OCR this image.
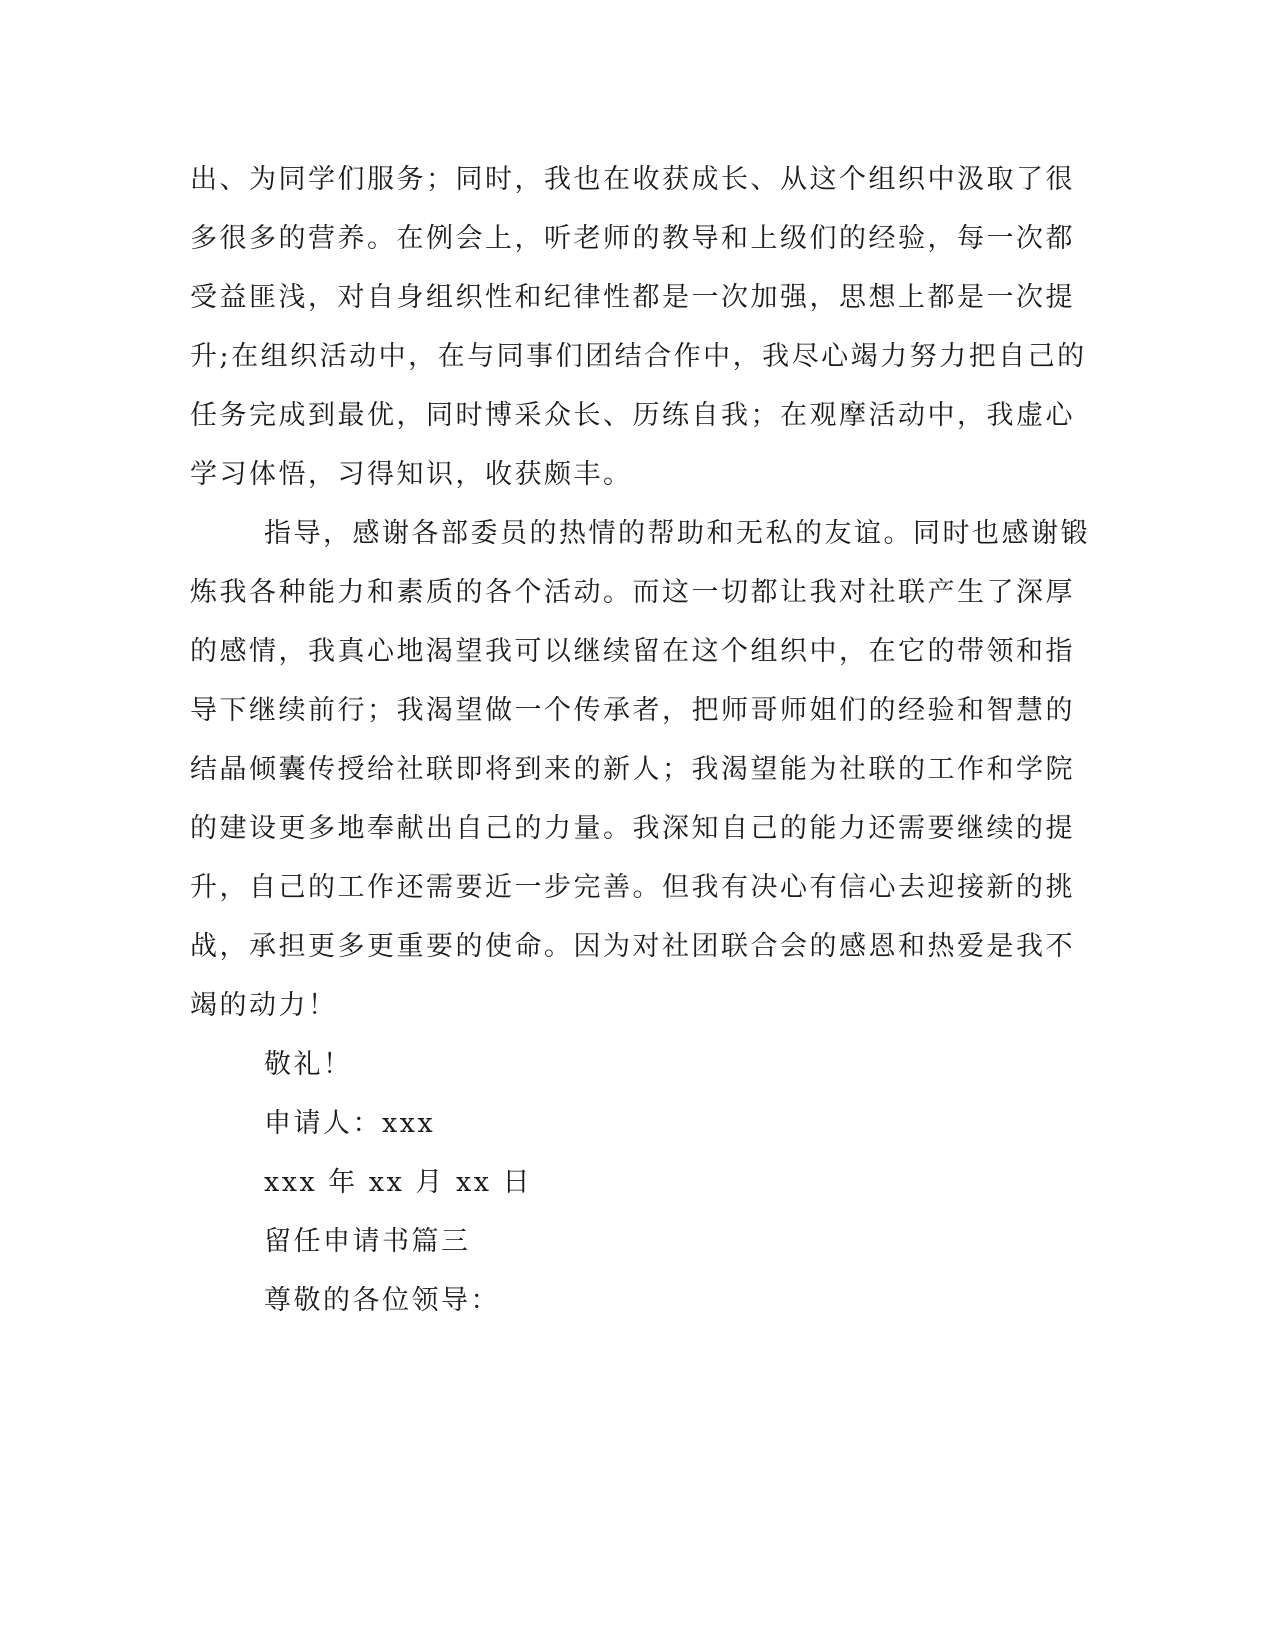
出、为同学们服务；同时，我也在收获成长、从这个组织中汲取了很
多很多的营养。在例会上，听老师的教导和上级们的经验，每一次都
受益匪浅，对自身组织性和纪律性都是一次加强，思想上都是一次提
升;在组织活动中，在与同事们团结合作中，我尽心竭力努力把自己的
任务完成到最优，同时博采众长、历练自我；在观摩活动中，我虚心
学习体悟，习得知识，收获颇丰。
指导，感谢各部委员的热情的帮助和无私的友谊。同时也感谢锻
炼我各种能力和素质的各个活动。而这一切都让我对社联产生了深厚
的感情，我真心地渴望我可以继续留在这个组织中，在它的带领和指
导下继续前行；我渴望做一个传承者，把师哥师姐们的经验和智慧的
结晶倾囊传授给社联即将到来的新人；我渴望能为社联的工作和学院
的建设更多地奉献出自己的力量。我深知自己的能力还需要继续的提
升，自己的工作还需要近一步完善。但我有决心有信心去迎接新的挑
战，承担更多更重要的使命。因为对社团联合会的感恩和热爱是我不
竭的动力！
敬礼！
申请人：xxx
xxx 年 xx 月 xx 日
留任申请书篇三
尊敬的各位领导：
